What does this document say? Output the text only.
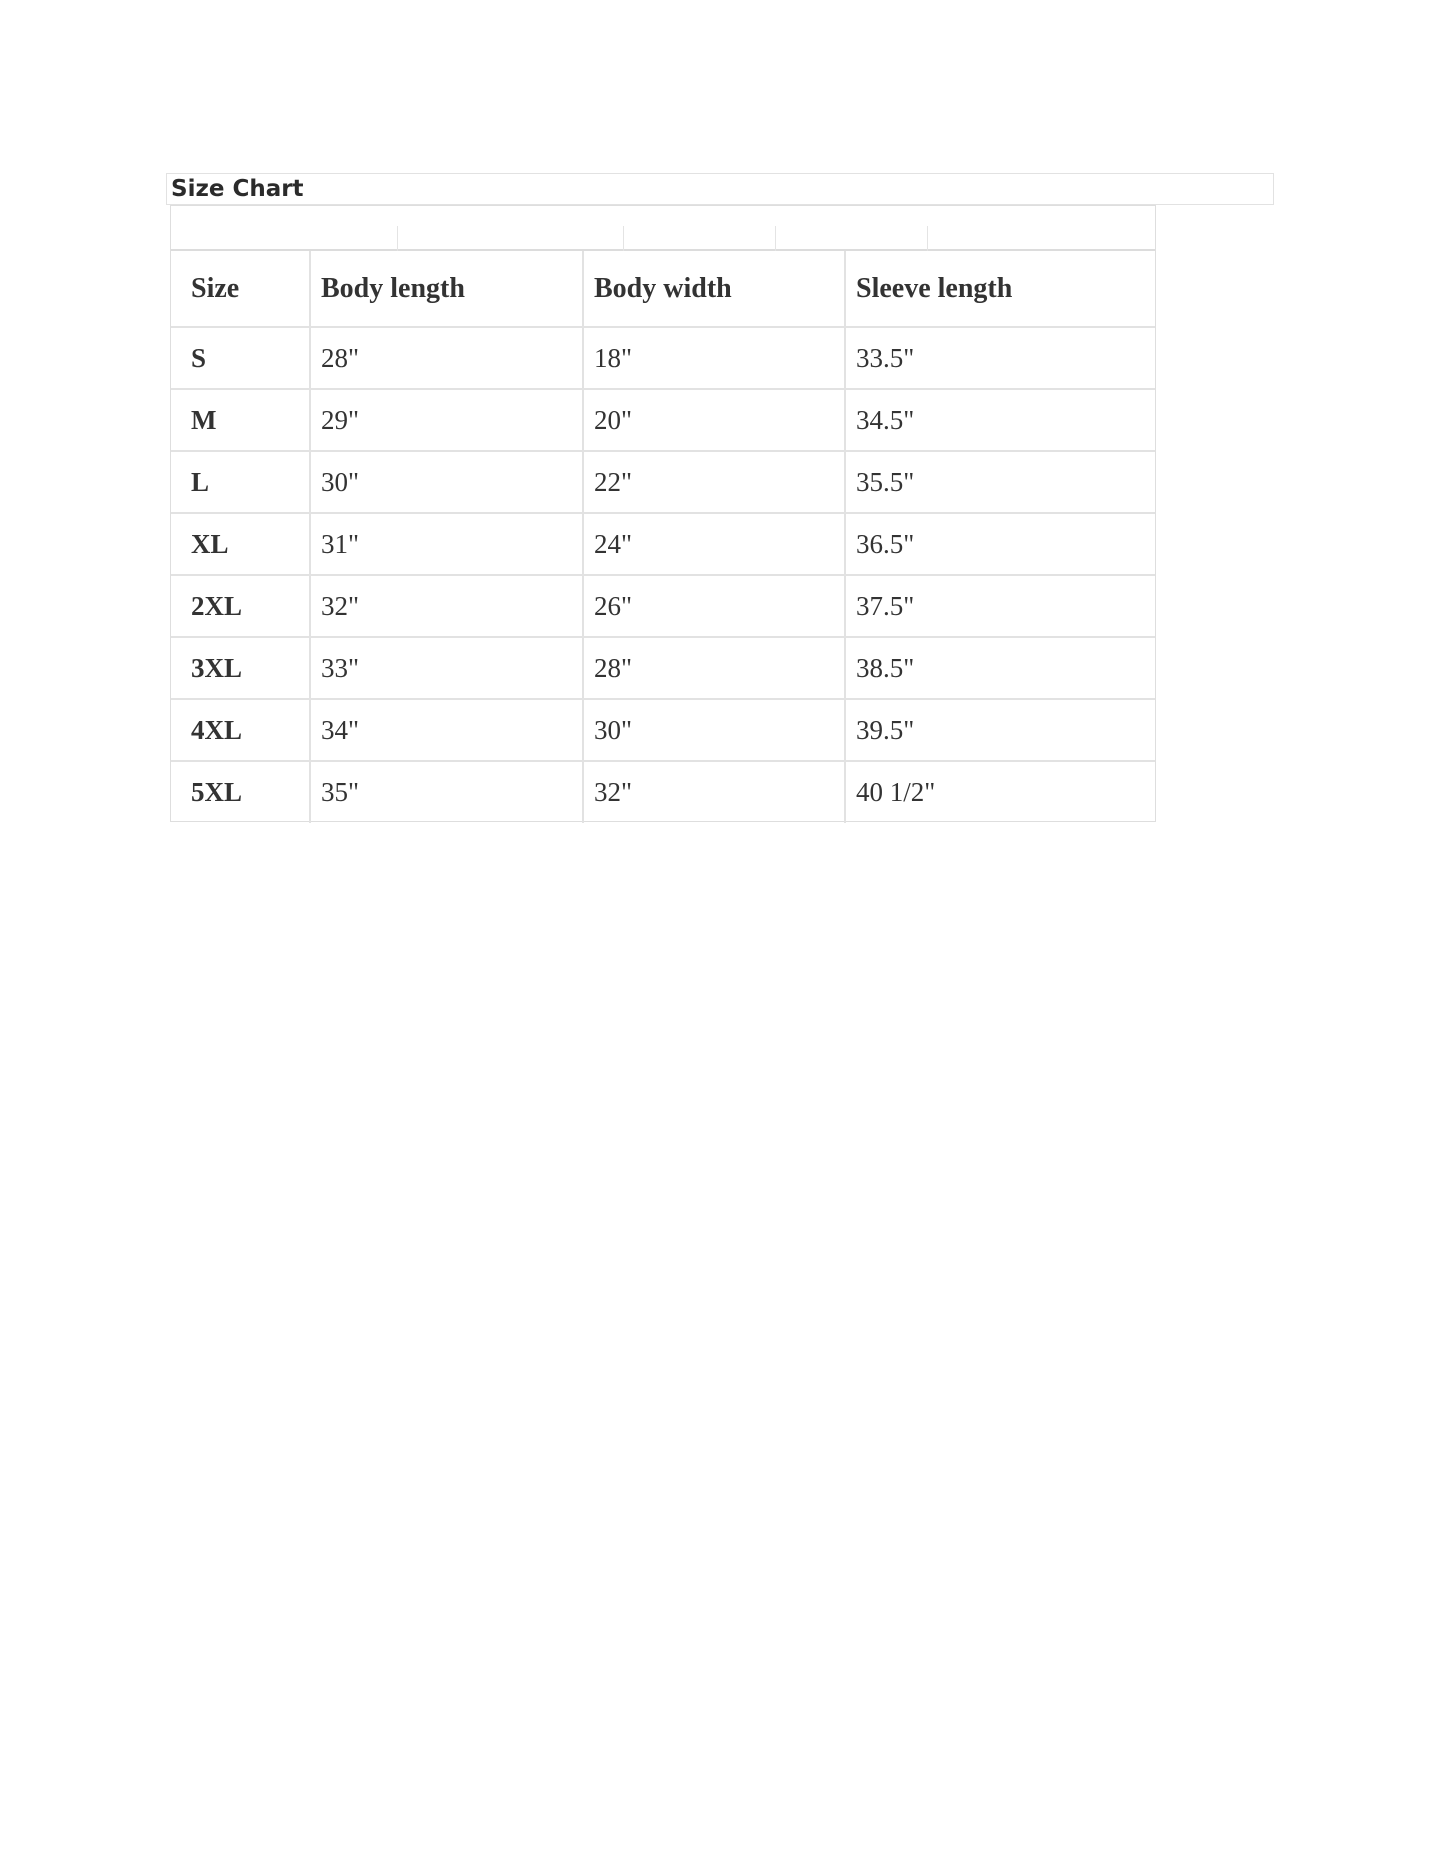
Size Chart
Size	Body length	Body width	Sleeve length
S	28"	18"	33.5"
M	29"	20"	34.5"
L	30"	22"	35.5"
XL	31"	24"	36.5"
2XL	32"	26"	37.5"
3XL	33"	28"	38.5"
4XL	34"	30"	39.5"
5XL	35"	32"	40 1/2"
